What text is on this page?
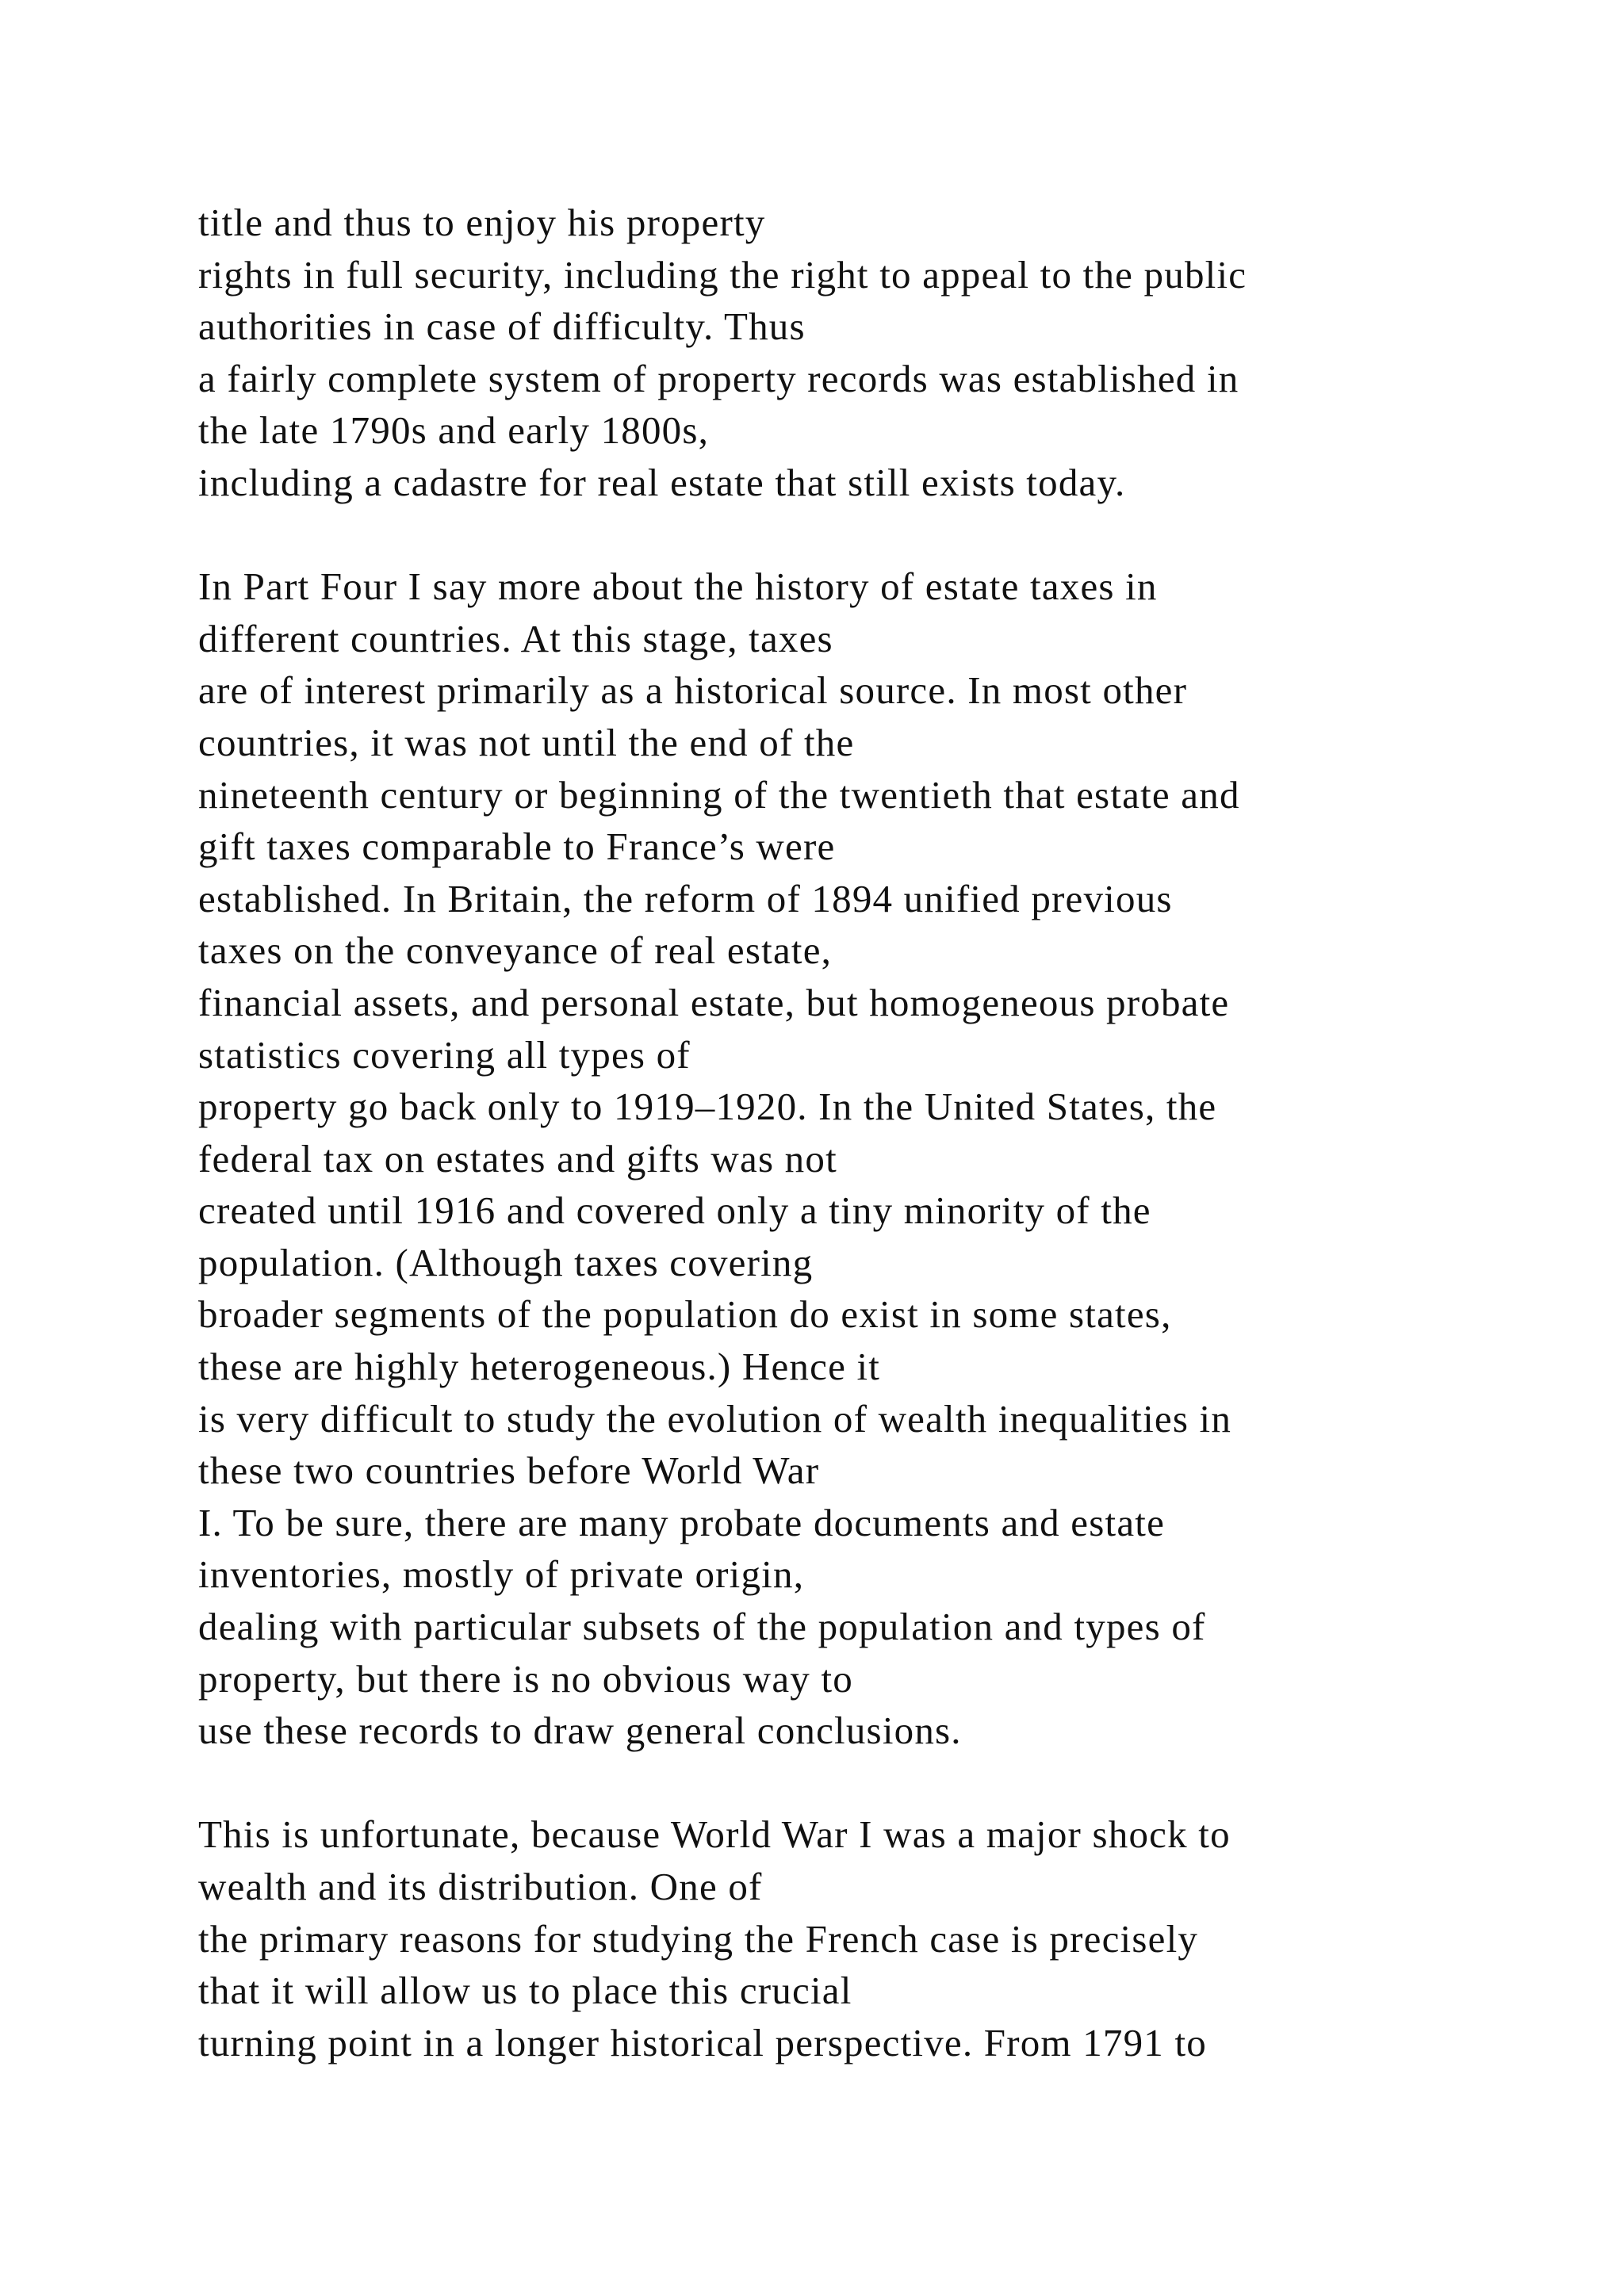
title and thus to enjoy his property
rights in full security, including the right to appeal to the public
authorities in case of difficulty. Thus
a fairly complete system of property records was established in
the late 1790s and early 1800s,
including a cadastre for real estate that still exists today.
In Part Four I say more about the history of estate taxes in
different countries. At this stage, taxes
are of interest primarily as a historical source. In most other
countries, it was not until the end of the
nineteenth century or beginning of the twentieth that estate and
gift taxes comparable to France’s were
established. In Britain, the reform of 1894 unified previous
taxes on the conveyance of real estate,
financial assets, and personal estate, but homogeneous probate
statistics covering all types of
property go back only to 1919–1920. In the United States, the
federal tax on estates and gifts was not
created until 1916 and covered only a tiny minority of the
population. (Although taxes covering
broader segments of the population do exist in some states,
these are highly heterogeneous.) Hence it
is very difficult to study the evolution of wealth inequalities in
these two countries before World War
I. To be sure, there are many probate documents and estate
inventories, mostly of private origin,
dealing with particular subsets of the population and types of
property, but there is no obvious way to
use these records to draw general conclusions.
This is unfortunate, because World War I was a major shock to
wealth and its distribution. One of
the primary reasons for studying the French case is precisely
that it will allow us to place this crucial
turning point in a longer historical perspective. From 1791 to
